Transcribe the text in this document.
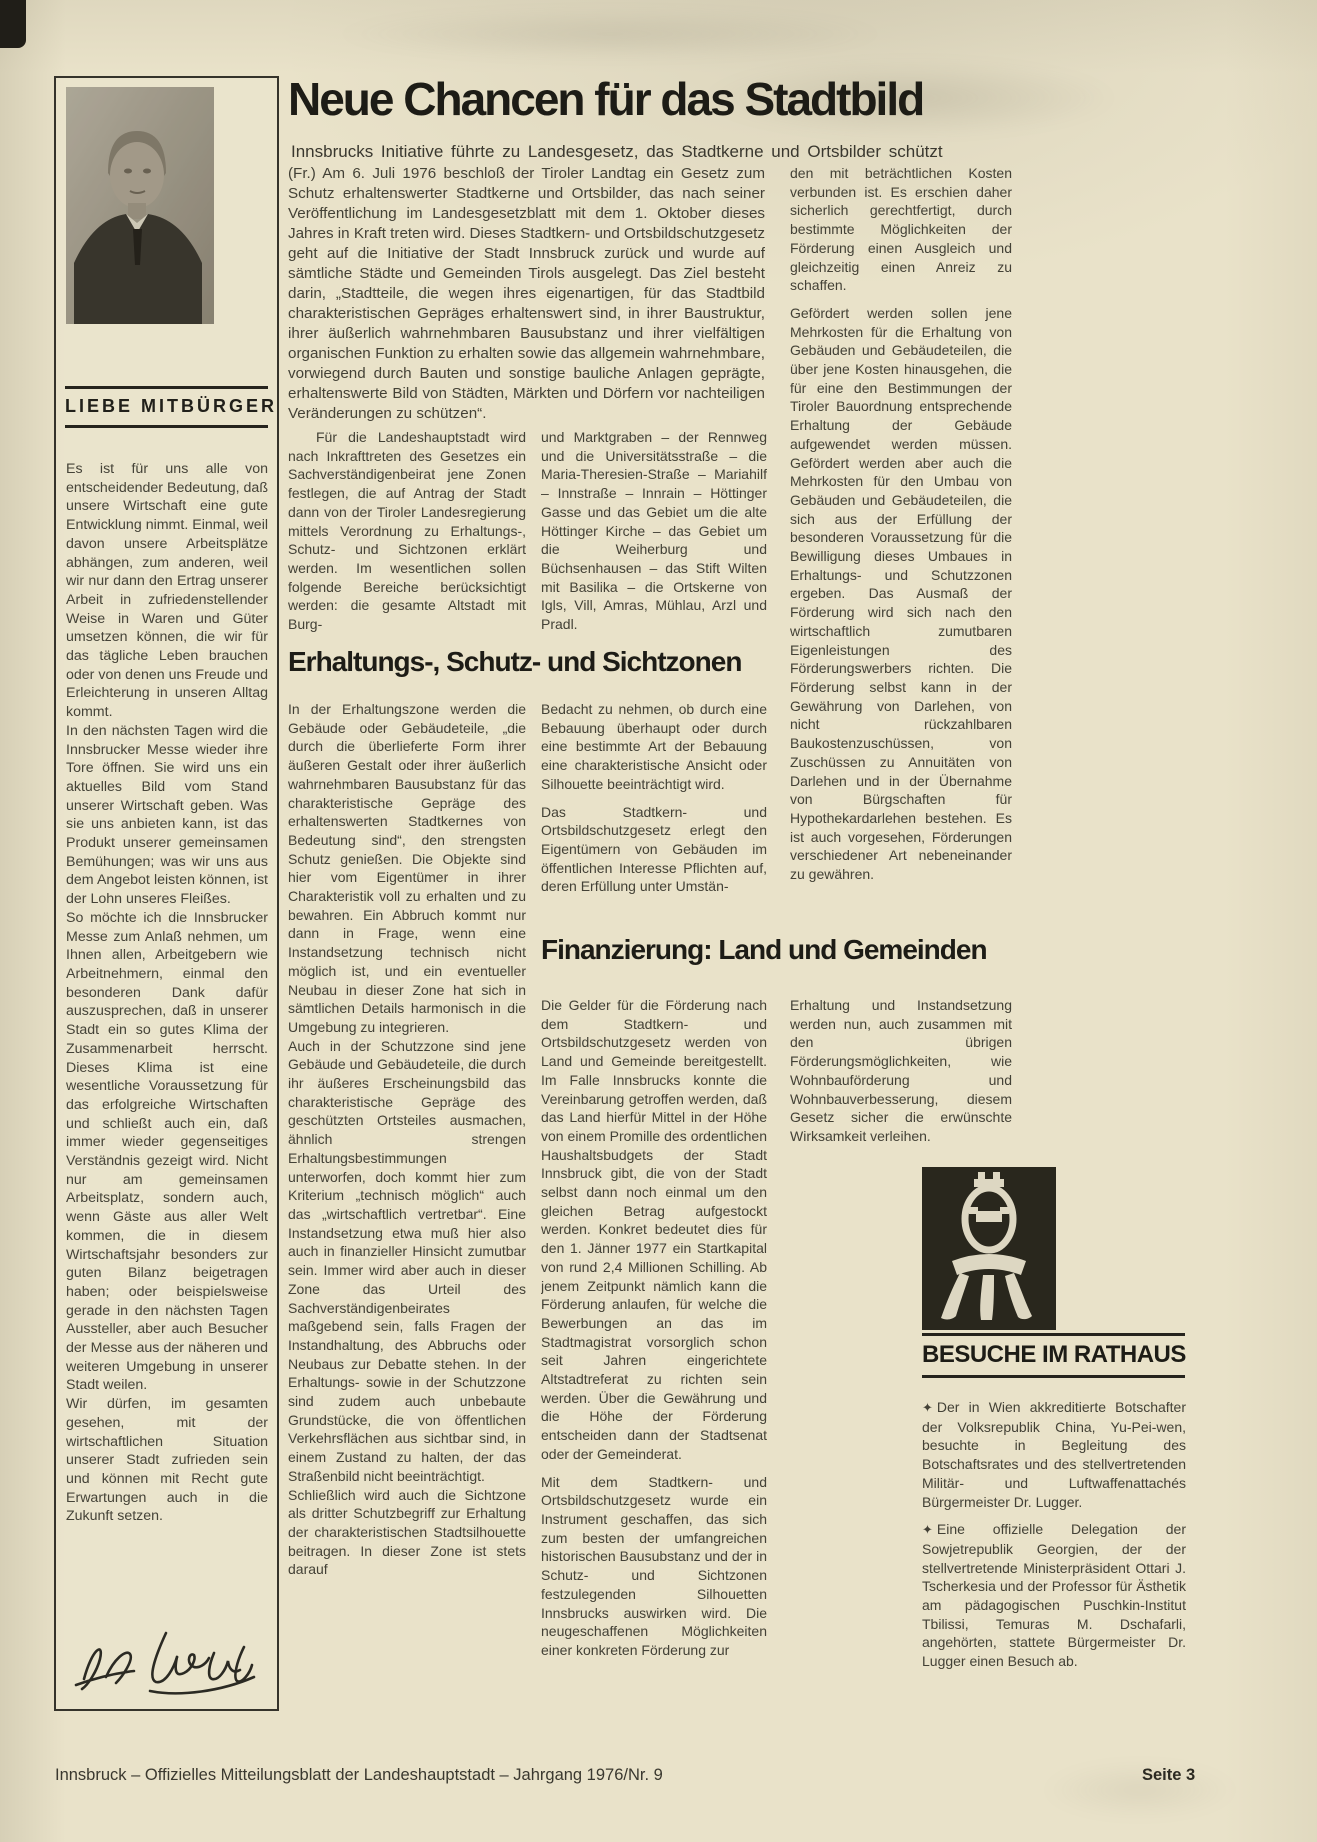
LIEBE MITBÜRGER

Es ist für uns alle von entscheidender Bedeutung, daß unsere Wirtschaft eine gute Entwicklung nimmt. Einmal, weil davon unsere Arbeitsplätze abhängen, zum anderen, weil wir nur dann den Ertrag unserer Arbeit in zufriedenstellender Weise in Waren und Güter umsetzen können, die wir für das tägliche Leben brauchen oder von denen uns Freude und Erleichterung in unseren Alltag kommt.

In den nächsten Tagen wird die Innsbrucker Messe wieder ihre Tore öffnen. Sie wird uns ein aktuelles Bild vom Stand unserer Wirtschaft geben. Was sie uns anbieten kann, ist das Produkt unserer gemeinsamen Bemühungen; was wir uns aus dem Angebot leisten können, ist der Lohn unseres Fleißes.

So möchte ich die Innsbrucker Messe zum Anlaß nehmen, um Ihnen allen, Arbeitgebern wie Arbeitnehmern, einmal den besonderen Dank dafür auszusprechen, daß in unserer Stadt ein so gutes Klima der Zusammenarbeit herrscht. Dieses Klima ist eine wesentliche Voraussetzung für das erfolgreiche Wirtschaften und schließt auch ein, daß immer wieder gegenseitiges Verständnis gezeigt wird. Nicht nur am gemeinsamen Arbeitsplatz, sondern auch, wenn Gäste aus aller Welt kommen, die in diesem Wirtschaftsjahr besonders zur guten Bilanz beigetragen haben; oder beispielsweise gerade in den nächsten Tagen Aussteller, aber auch Besucher der Messe aus der näheren und weiteren Umgebung in unserer Stadt weilen.

Wir dürfen, im gesamten gesehen, mit der wirtschaftlichen Situation unserer Stadt zufrieden sein und können mit Recht gute Erwartungen auch in die Zukunft setzen.

Neue Chancen für das Stadtbild
Innsbrucks Initiative führte zu Landesgesetz, das Stadtkerne und Ortsbilder schützt

(Fr.) Am 6. Juli 1976 beschloß der Tiroler Landtag ein Gesetz zum Schutz erhaltenswerter Stadtkerne und Ortsbilder, das nach seiner Veröffentlichung im Landesgesetzblatt mit dem 1. Oktober dieses Jahres in Kraft treten wird. Dieses Stadtkern- und Ortsbildschutzgesetz geht auf die Initiative der Stadt Innsbruck zurück und wurde auf sämtliche Städte und Gemeinden Tirols ausgelegt. Das Ziel besteht darin, „Stadtteile, die wegen ihres eigenartigen, für das Stadtbild charakteristischen Gepräges erhaltenswert sind, in ihrer Baustruktur, ihrer äußerlich wahrnehmbaren Bausubstanz und ihrer vielfältigen organischen Funktion zu erhalten sowie das allgemein wahrnehmbare, vorwiegend durch Bauten und sonstige bauliche Anlagen geprägte, erhaltenswerte Bild von Städten, Märkten und Dörfern vor nachteiligen Veränderungen zu schützen“.

den mit beträchtlichen Kosten verbunden ist. Es erschien daher sicherlich gerechtfertigt, durch bestimmte Möglichkeiten der Förderung einen Ausgleich und gleichzeitig einen Anreiz zu schaffen.

Gefördert werden sollen jene Mehrkosten für die Erhaltung von Gebäuden und Gebäudeteilen, die über jene Kosten hinausgehen, die für eine den Bestimmungen der Tiroler Bauordnung entsprechende Erhaltung der Gebäude aufgewendet werden müssen. Gefördert werden aber auch die Mehrkosten für den Umbau von Gebäuden und Gebäudeteilen, die sich aus der Erfüllung der besonderen Voraussetzung für die Bewilligung dieses Umbaues in Erhaltungs- und Schutzzonen ergeben. Das Ausmaß der Förderung wird sich nach den wirtschaftlich zumutbaren Eigenleistungen des Förderungswerbers richten. Die Förderung selbst kann in der Gewährung von Darlehen, von nicht rückzahlbaren Baukostenzuschüssen, von Zuschüssen zu Annuitäten von Darlehen und in der Übernahme von Bürgschaften für Hypothekardarlehen bestehen. Es ist auch vorgesehen, Förderungen verschiedener Art nebeneinander zu gewähren.

Für die Landeshauptstadt wird nach Inkrafttreten des Gesetzes ein Sachverständigenbeirat jene Zonen festlegen, die auf Antrag der Stadt dann von der Tiroler Landesregierung mittels Verordnung zu Erhaltungs-, Schutz- und Sichtzonen erklärt werden. Im wesentlichen sollen folgende Bereiche berücksichtigt werden: die gesamte Altstadt mit Burg-

und Marktgraben – der Rennweg und die Universitätsstraße – die Maria-Theresien-Straße – Mariahilf – Innstraße – Innrain – Höttinger Gasse und das Gebiet um die alte Höttinger Kirche – das Gebiet um die Weiherburg und Büchsenhausen – das Stift Wilten mit Basilika – die Ortskerne von Igls, Vill, Amras, Mühlau, Arzl und Pradl.

Erhaltungs-, Schutz- und Sichtzonen

In der Erhaltungszone werden die Gebäude oder Gebäudeteile, „die durch die überlieferte Form ihrer äußeren Gestalt oder ihrer äußerlich wahrnehmbaren Bausubstanz für das charakteristische Gepräge des erhaltenswerten Stadtkernes von Bedeutung sind“, den strengsten Schutz genießen. Die Objekte sind hier vom Eigentümer in ihrer Charakteristik voll zu erhalten und zu bewahren. Ein Abbruch kommt nur dann in Frage, wenn eine Instandsetzung technisch nicht möglich ist, und ein eventueller Neubau in dieser Zone hat sich in sämtlichen Details harmonisch in die Umgebung zu integrieren.

Auch in der Schutzzone sind jene Gebäude und Gebäudeteile, die durch ihr äußeres Erscheinungsbild das charakteristische Gepräge des geschützten Ortsteiles ausmachen, ähnlich strengen Erhaltungsbestimmungen unterworfen, doch kommt hier zum Kriterium „technisch möglich“ auch das „wirtschaftlich vertretbar“. Eine Instandsetzung etwa muß hier also auch in finanzieller Hinsicht zumutbar sein. Immer wird aber auch in dieser Zone das Urteil des Sachverständigenbeirates maßgebend sein, falls Fragen der Instandhaltung, des Abbruchs oder Neubaus zur Debatte stehen. In der Erhaltungs- sowie in der Schutzzone sind zudem auch unbebaute Grundstücke, die von öffentlichen Verkehrsflächen aus sichtbar sind, in einem Zustand zu halten, der das Straßenbild nicht beeinträchtigt.

Schließlich wird auch die Sichtzone als dritter Schutzbegriff zur Erhaltung der charakteristischen Stadtsilhouette beitragen. In dieser Zone ist stets darauf

Bedacht zu nehmen, ob durch eine Bebauung überhaupt oder durch eine bestimmte Art der Bebauung eine charakteristische Ansicht oder Silhouette beeinträchtigt wird.

Das Stadtkern- und Ortsbildschutzgesetz erlegt den Eigentümern von Gebäuden im öffentlichen Interesse Pflichten auf, deren Erfüllung unter Umstän-

Finanzierung: Land und Gemeinden

Die Gelder für die Förderung nach dem Stadtkern- und Ortsbildschutzgesetz werden von Land und Gemeinde bereitgestellt. Im Falle Innsbrucks konnte die Vereinbarung getroffen werden, daß das Land hierfür Mittel in der Höhe von einem Promille des ordentlichen Haushaltsbudgets der Stadt Innsbruck gibt, die von der Stadt selbst dann noch einmal um den gleichen Betrag aufgestockt werden. Konkret bedeutet dies für den 1. Jänner 1977 ein Startkapital von rund 2,4 Millionen Schilling. Ab jenem Zeitpunkt nämlich kann die Förderung anlaufen, für welche die Bewerbungen an das im Stadtmagistrat vorsorglich schon seit Jahren eingerichtete Altstadtreferat zu richten sein werden. Über die Gewährung und die Höhe der Förderung entscheiden dann der Stadtsenat oder der Gemeinderat.

Mit dem Stadtkern- und Ortsbildschutzgesetz wurde ein Instrument geschaffen, das sich zum besten der umfangreichen historischen Bausubstanz und der in Schutz- und Sichtzonen festzulegenden Silhouetten Innsbrucks auswirken wird. Die neugeschaffenen Möglichkeiten einer konkreten Förderung zur

Erhaltung und Instandsetzung werden nun, auch zusammen mit den übrigen Förderungsmöglichkeiten, wie Wohnbauförderung und Wohnbauverbesserung, diesem Gesetz sicher die erwünschte Wirksamkeit verleihen.

BESUCHE IM RATHAUS

✦ Der in Wien akkreditierte Botschafter der Volksrepublik China, Yu-Pei-wen, besuchte in Begleitung des Botschaftsrates und des stellvertretenden Militär- und Luftwaffenattachés Bürgermeister Dr. Lugger.

✦ Eine offizielle Delegation der Sowjetrepublik Georgien, der der stellvertretende Ministerpräsident Ottari J. Tscherkesia und der Professor für Ästhetik am pädagogischen Puschkin-Institut Tbilissi, Temuras M. Dschafarli, angehörten, stattete Bürgermeister Dr. Lugger einen Besuch ab.

Innsbruck – Offizielles Mitteilungsblatt der Landeshauptstadt – Jahrgang 1976/Nr. 9	Seite 3
